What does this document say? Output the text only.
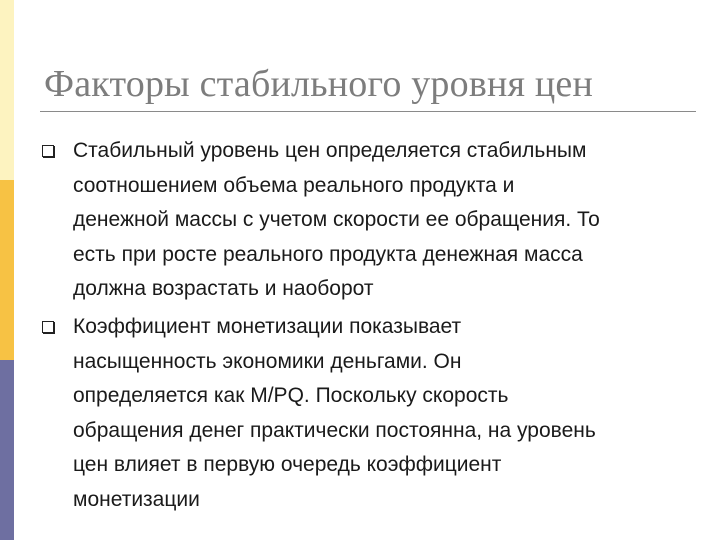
Факторы стабильного уровня цен
Стабильный уровень цен определяется стабильным
соотношением объема реального продукта и
денежной массы с учетом скорости ее обращения. То
есть при росте реального продукта денежная масса
должна возрастать и наоборот
Коэффициент монетизации показывает
насыщенность экономики деньгами. Он
определяется как M/PQ. Поскольку скорость
обращения денег практически постоянна, на уровень
цен влияет в первую очередь коэффициент
монетизации
